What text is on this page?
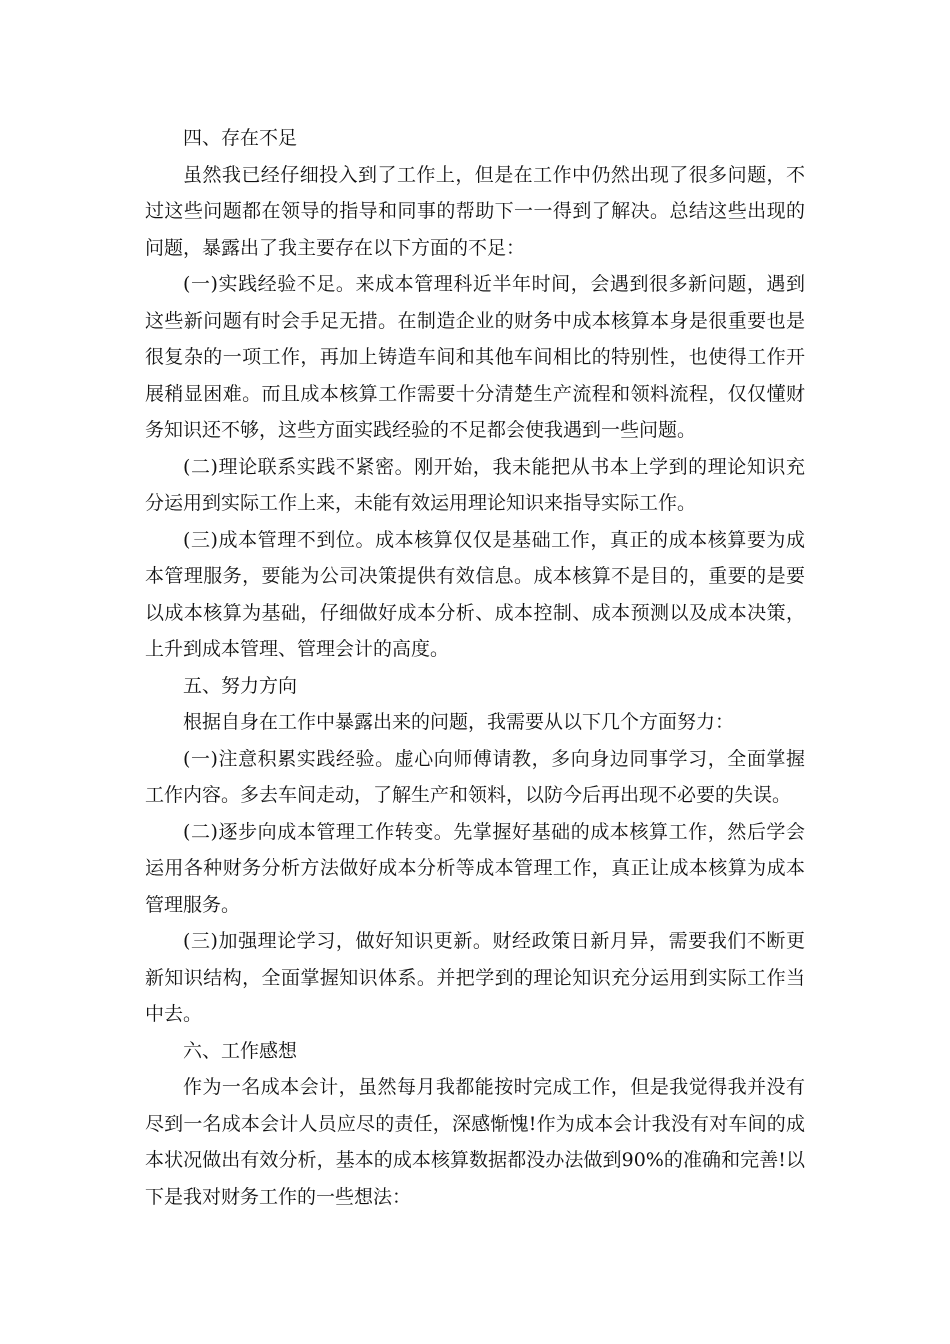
四、存在不足

虽然我已经仔细投入到了工作上，但是在工作中仍然出现了很多问题，不过这些问题都在领导的指导和同事的帮助下一一得到了解决。总结这些出现的问题，暴露出了我主要存在以下方面的不足：

(一)实践经验不足。来成本管理科近半年时间，会遇到很多新问题，遇到这些新问题有时会手足无措。在制造企业的财务中成本核算本身是很重要也是很复杂的一项工作，再加上铸造车间和其他车间相比的特别性，也使得工作开展稍显困难。而且成本核算工作需要十分清楚生产流程和领料流程，仅仅懂财务知识还不够，这些方面实践经验的不足都会使我遇到一些问题。

(二)理论联系实践不紧密。刚开始，我未能把从书本上学到的理论知识充分运用到实际工作上来，未能有效运用理论知识来指导实际工作。

(三)成本管理不到位。成本核算仅仅是基础工作，真正的成本核算要为成本管理服务，要能为公司决策提供有效信息。成本核算不是目的，重要的是要以成本核算为基础，仔细做好成本分析、成本控制、成本预测以及成本决策，上升到成本管理、管理会计的高度。

五、努力方向

根据自身在工作中暴露出来的问题，我需要从以下几个方面努力：

(一)注意积累实践经验。虚心向师傅请教，多向身边同事学习，全面掌握工作内容。多去车间走动，了解生产和领料，以防今后再出现不必要的失误。

(二)逐步向成本管理工作转变。先掌握好基础的成本核算工作，然后学会运用各种财务分析方法做好成本分析等成本管理工作，真正让成本核算为成本管理服务。

(三)加强理论学习，做好知识更新。财经政策日新月异，需要我们不断更新知识结构，全面掌握知识体系。并把学到的理论知识充分运用到实际工作当中去。

六、工作感想

作为一名成本会计，虽然每月我都能按时完成工作，但是我觉得我并没有尽到一名成本会计人员应尽的责任，深感惭愧!作为成本会计我没有对车间的成本状况做出有效分析，基本的成本核算数据都没办法做到90%的准确和完善!以下是我对财务工作的一些想法：
